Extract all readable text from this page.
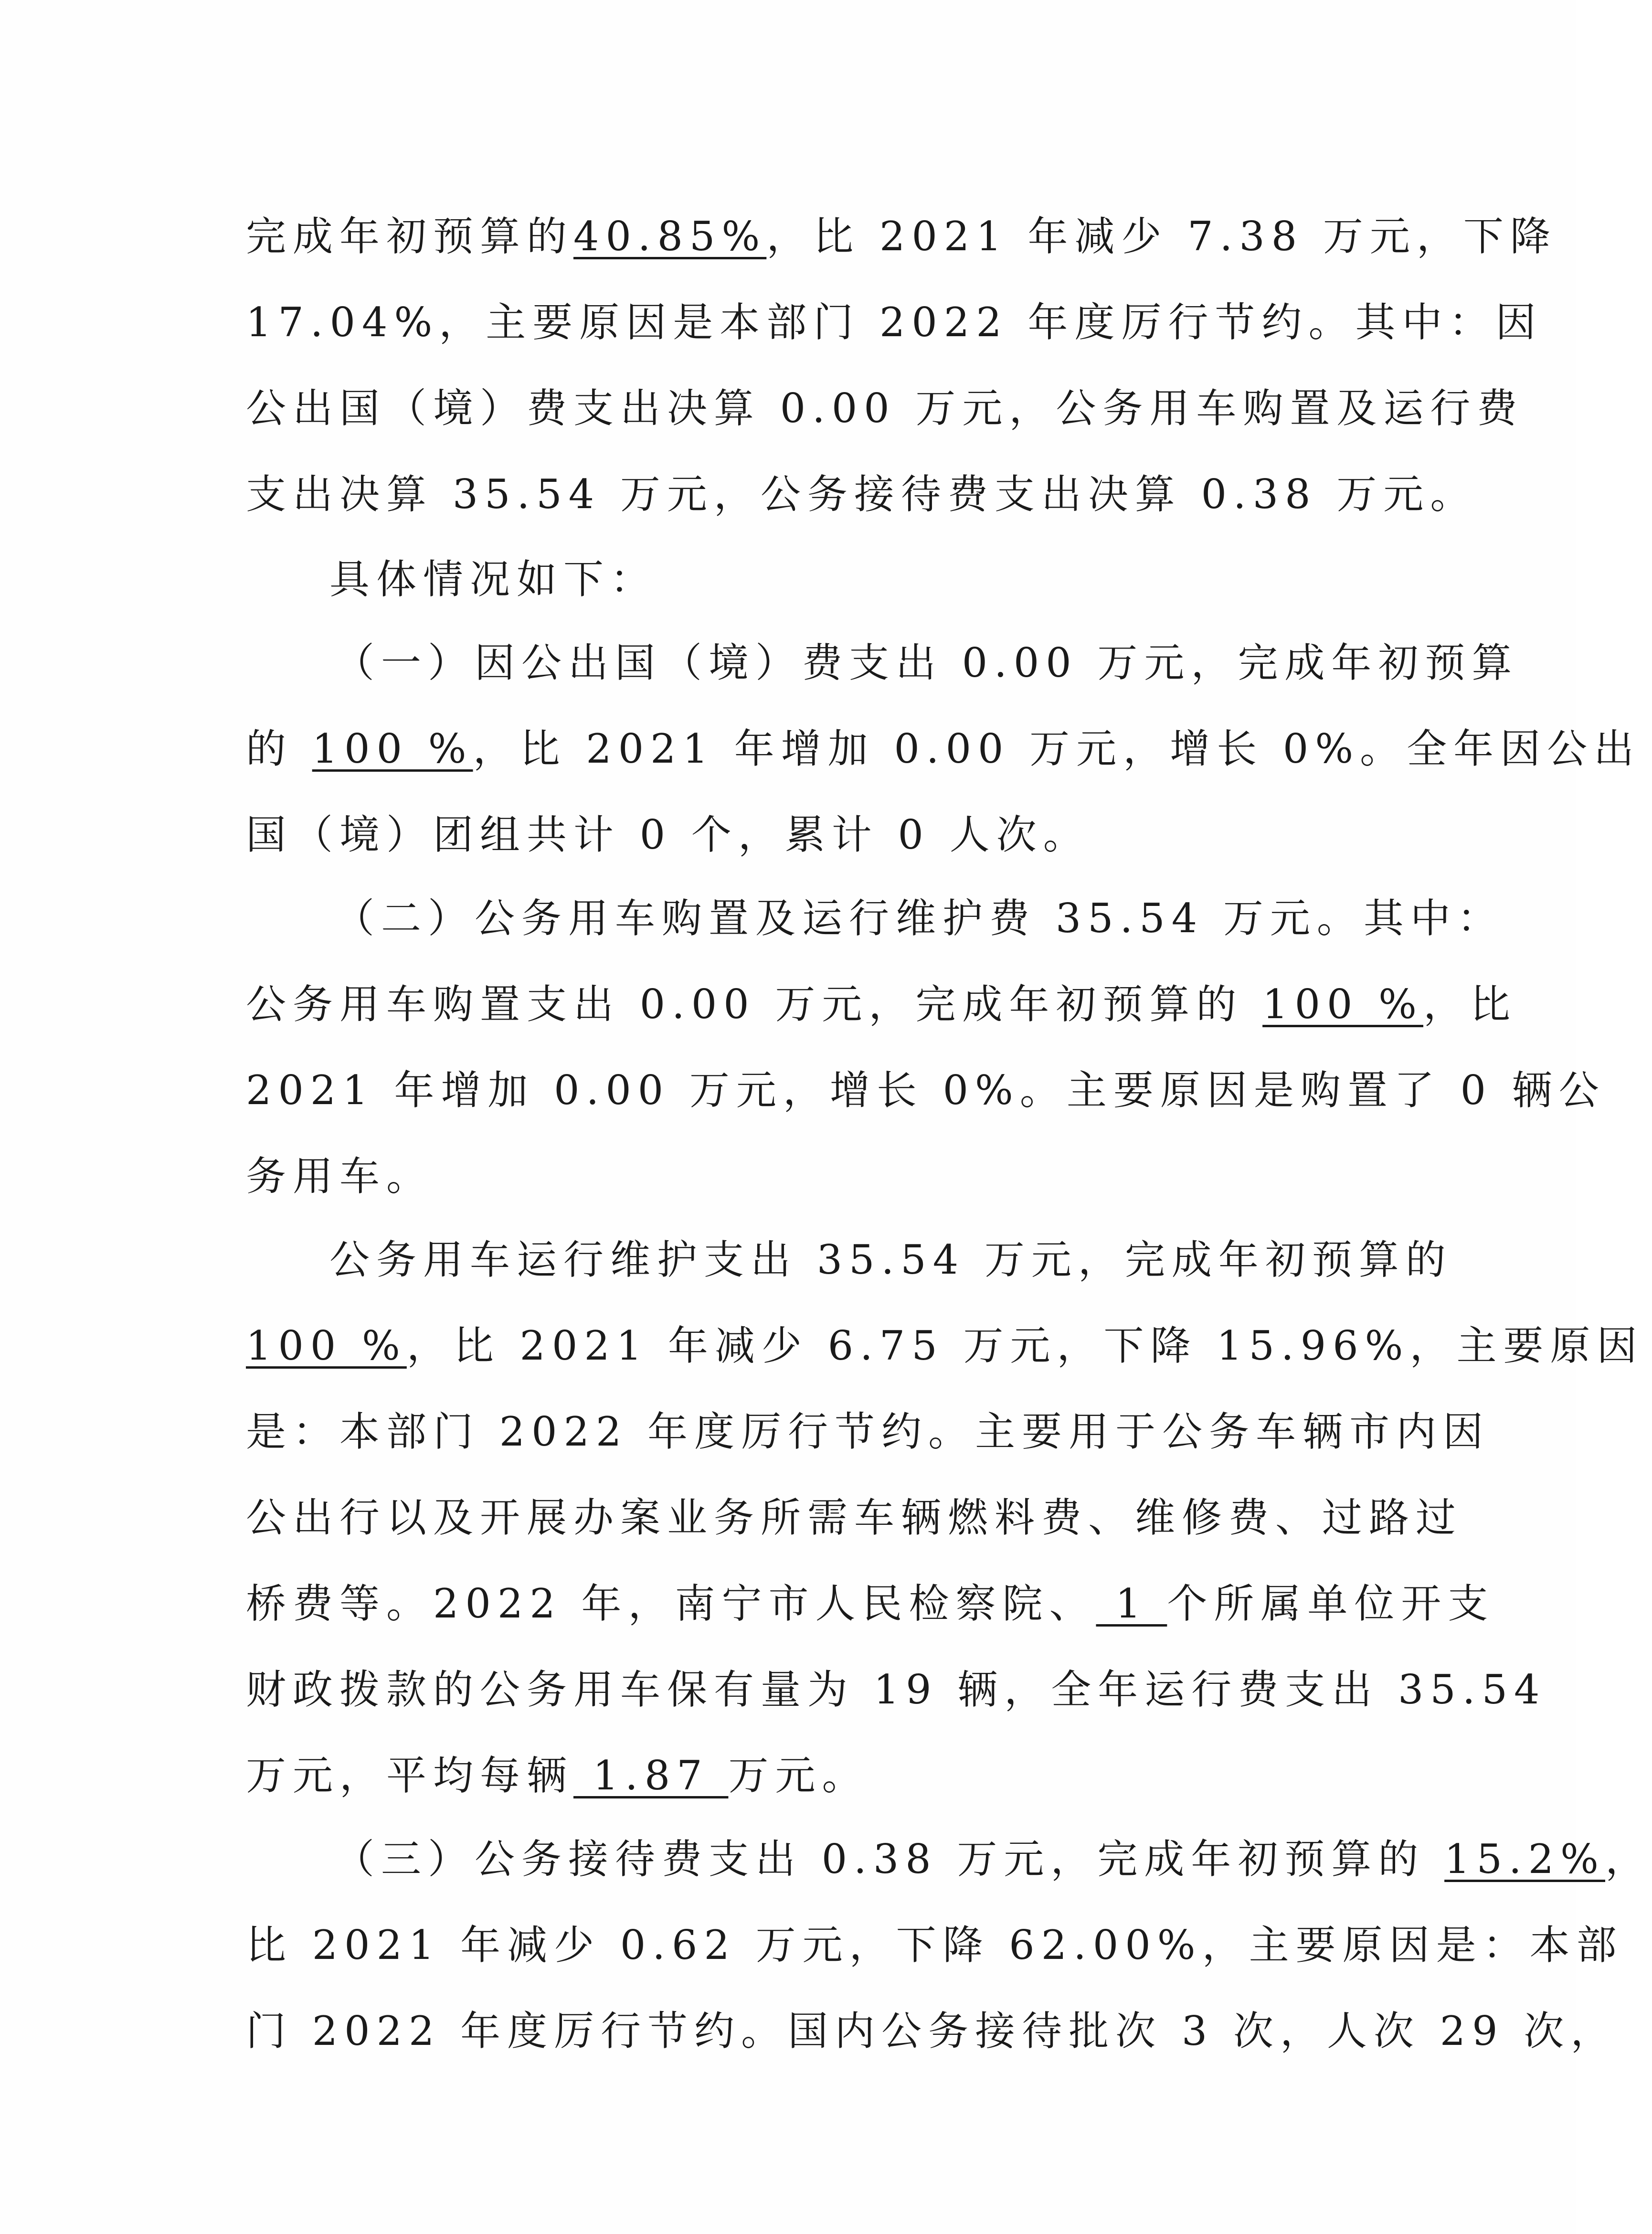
完成年初预算的40.85%，比 2021 年减少 7.38 万元，下降
17.04%，主要原因是本部门 2022 年度厉行节约。其中：因
公出国（境）费支出决算 0.00 万元，公务用车购置及运行费
支出决算 35.54 万元，公务接待费支出决算 0.38 万元。
具体情况如下：
（一）因公出国（境）费支出 0.00 万元，完成年初预算
的 100 %，比 2021 年增加 0.00 万元，增长 0%。全年因公出
国（境）团组共计 0 个，累计 0 人次。
（二）公务用车购置及运行维护费 35.54 万元。其中：
公务用车购置支出 0.00 万元，完成年初预算的 100 %，比
2021 年增加 0.00 万元，增长 0%。主要原因是购置了 0 辆公
务用车。
公务用车运行维护支出 35.54 万元，完成年初预算的
100 %，比 2021 年减少 6.75 万元，下降 15.96%，主要原因
是：本部门 2022 年度厉行节约。主要用于公务车辆市内因
公出行以及开展办案业务所需车辆燃料费、维修费、过路过
桥费等。2022 年，南宁市人民检察院、 1 个所属单位开支
财政拨款的公务用车保有量为 19 辆，全年运行费支出 35.54
万元，平均每辆 1.87 万元。
（三）公务接待费支出 0.38 万元，完成年初预算的 15.2%，
比 2021 年减少 0.62 万元，下降 62.00%，主要原因是：本部
门 2022 年度厉行节约。国内公务接待批次 3 次，人次 29 次，
